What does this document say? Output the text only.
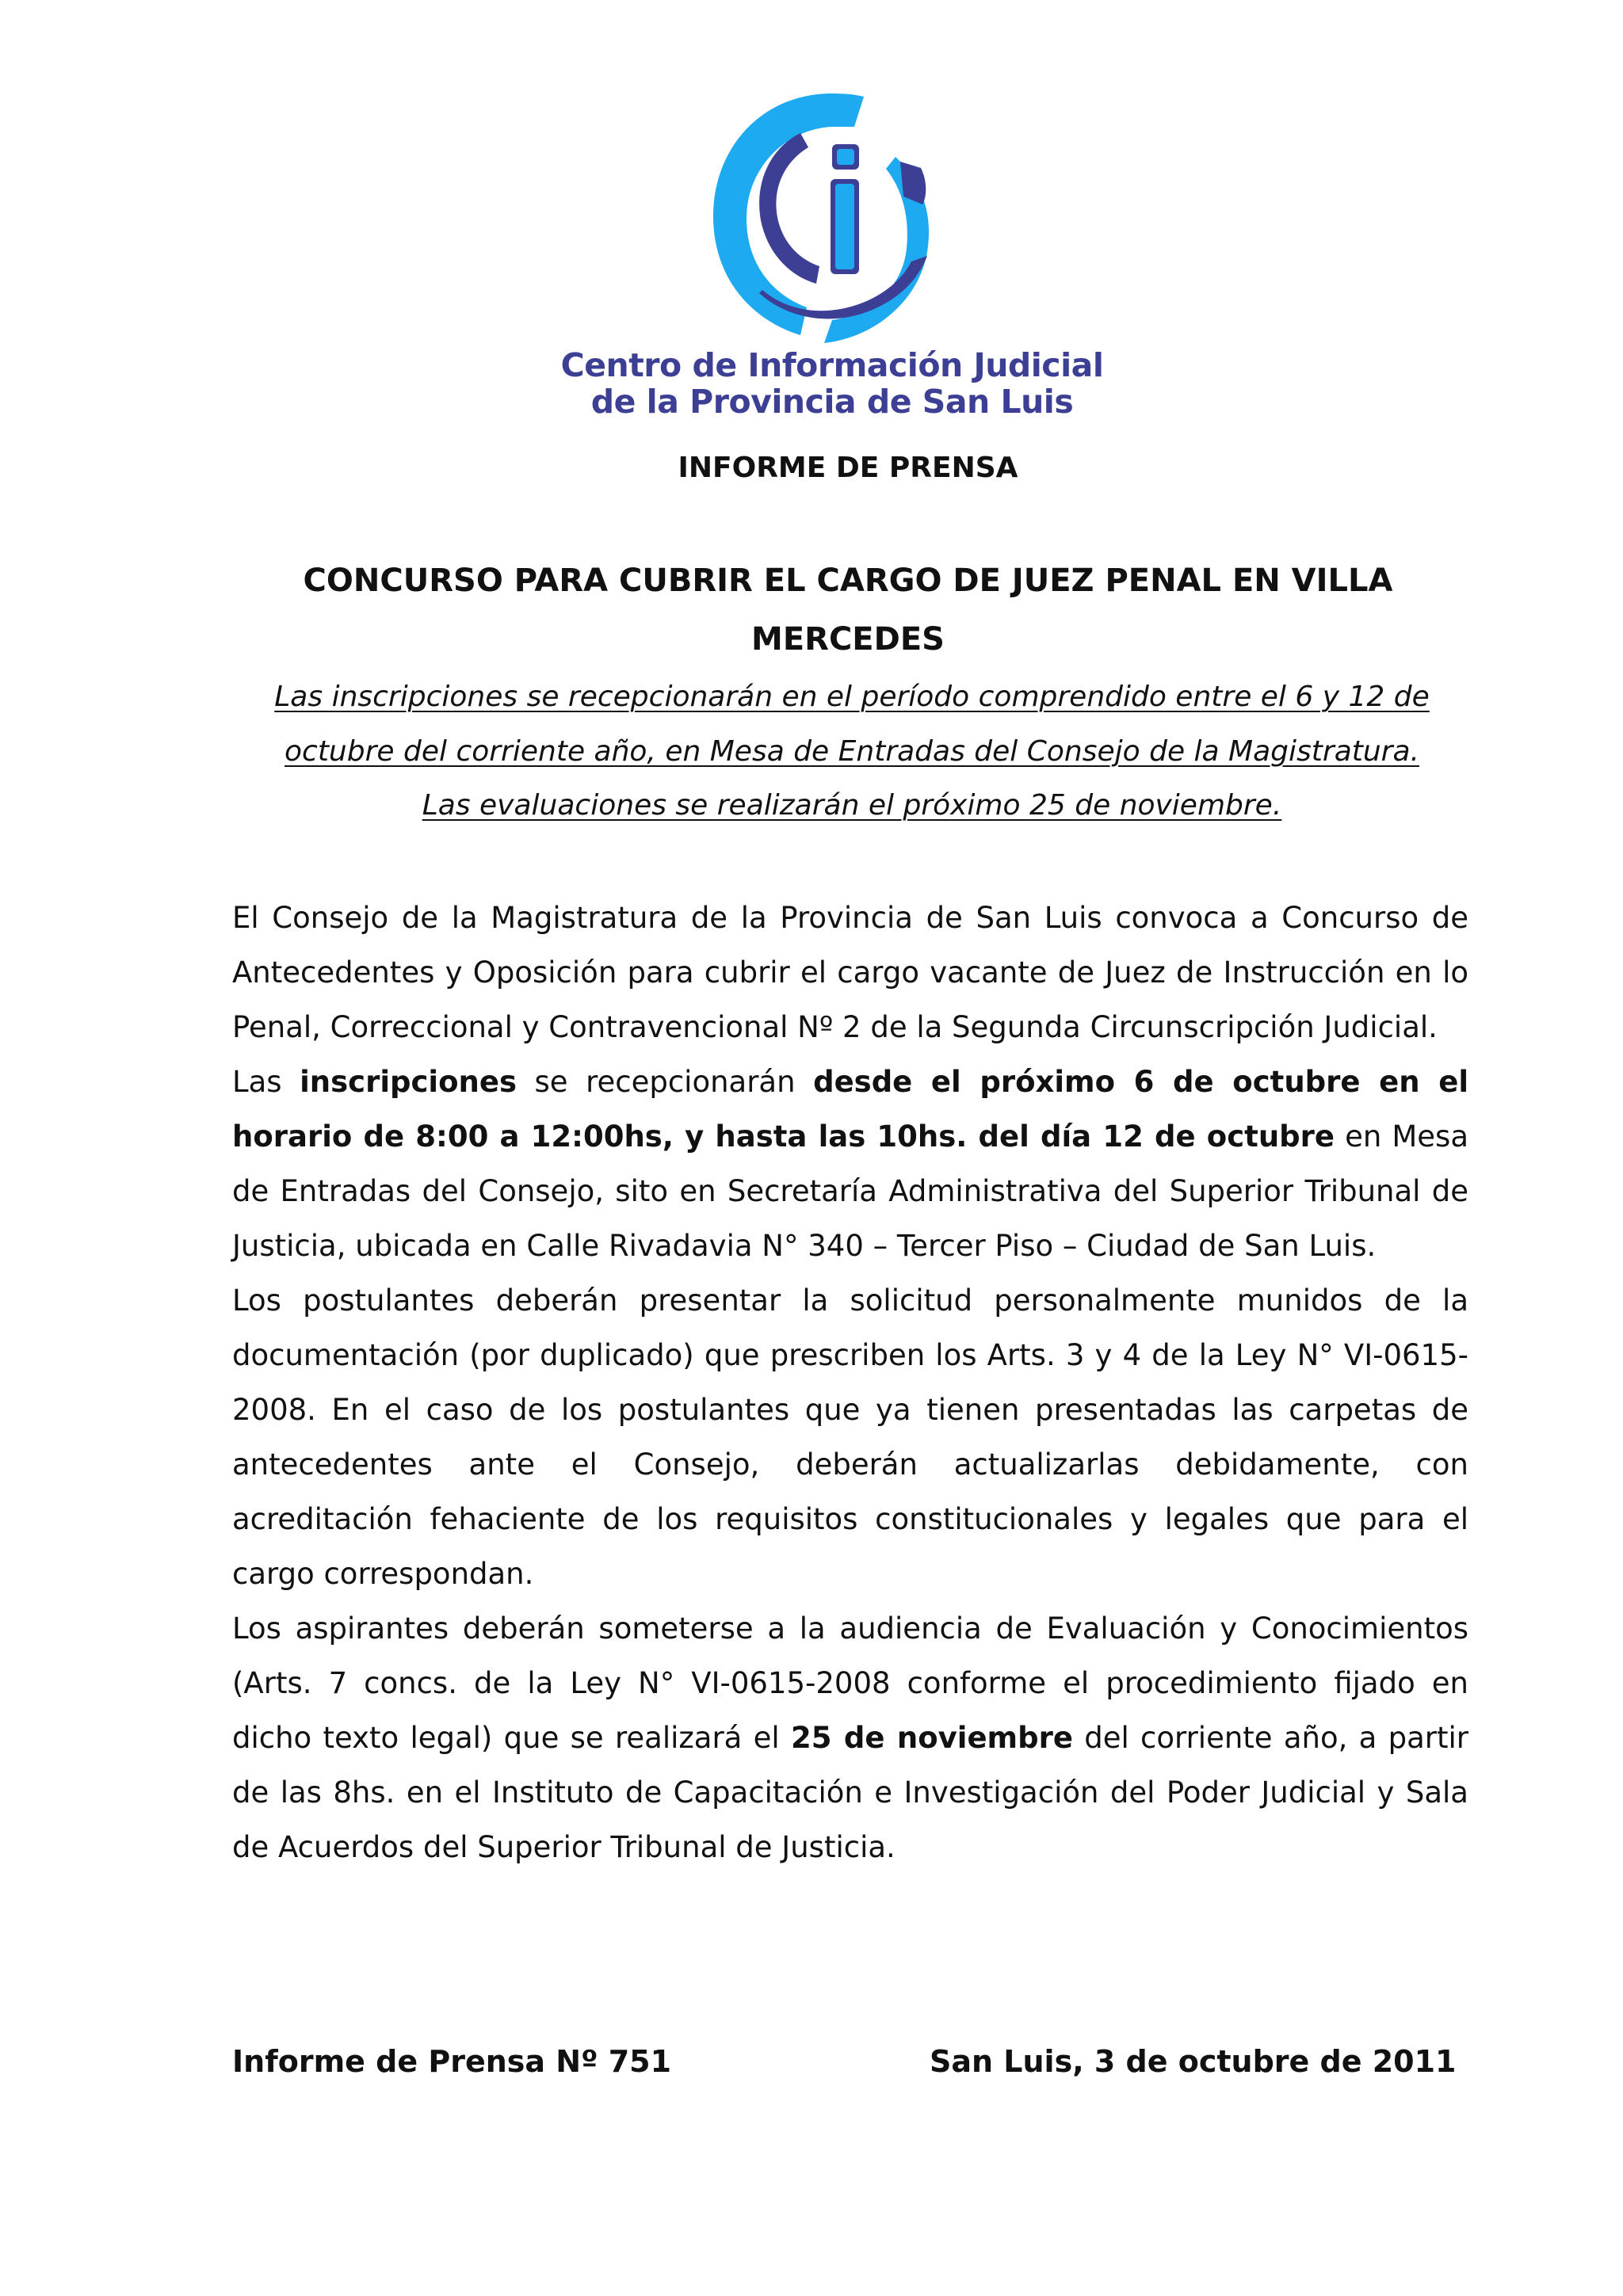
Centro de Información Judicial
de la Provincia de San Luis
INFORME DE PRENSA
CONCURSO PARA CUBRIR EL CARGO DE JUEZ PENAL EN VILLA MERCEDES
Las inscripciones se recepcionarán en el período comprendido entre el 6 y 12 de
octubre del corriente año, en Mesa de Entradas del Consejo de la Magistratura.
Las evaluaciones se realizarán el próximo 25 de noviembre.

El Consejo de la Magistratura de la Provincia de San Luis convoca a Concurso de Antecedentes y Oposición para cubrir el cargo vacante de Juez de Instrucción en lo Penal, Correccional y Contravencional Nº 2 de la Segunda Circunscripción Judicial.

Las inscripciones se recepcionarán desde el próximo 6 de octubre en el horario de 8:00 a 12:00hs, y hasta las 10hs. del día 12 de octubre en Mesa de Entradas del Consejo, sito en Secretaría Administrativa del Superior Tribunal de Justicia, ubicada en Calle Rivadavia N° 340 – Tercer Piso – Ciudad de San Luis.

Los postulantes deberán presentar la solicitud personalmente munidos de la documentación (por duplicado) que prescriben los Arts. 3 y 4 de la Ley N° VI-0615-2008. En el caso de los postulantes que ya tienen presentadas las carpetas de antecedentes ante el Consejo, deberán actualizarlas debidamente, con acreditación fehaciente de los requisitos constitucionales y legales que para el cargo correspondan.

Los aspirantes deberán someterse a la audiencia de Evaluación y Conocimientos (Arts. 7 concs. de la Ley N° VI-0615-2008 conforme el procedimiento fijado en dicho texto legal) que se realizará el 25 de noviembre del corriente año, a partir de las 8hs. en el Instituto de Capacitación e Investigación del Poder Judicial y Sala de Acuerdos del Superior Tribunal de Justicia.

Informe de Prensa Nº 751	San Luis, 3 de octubre de 2011
